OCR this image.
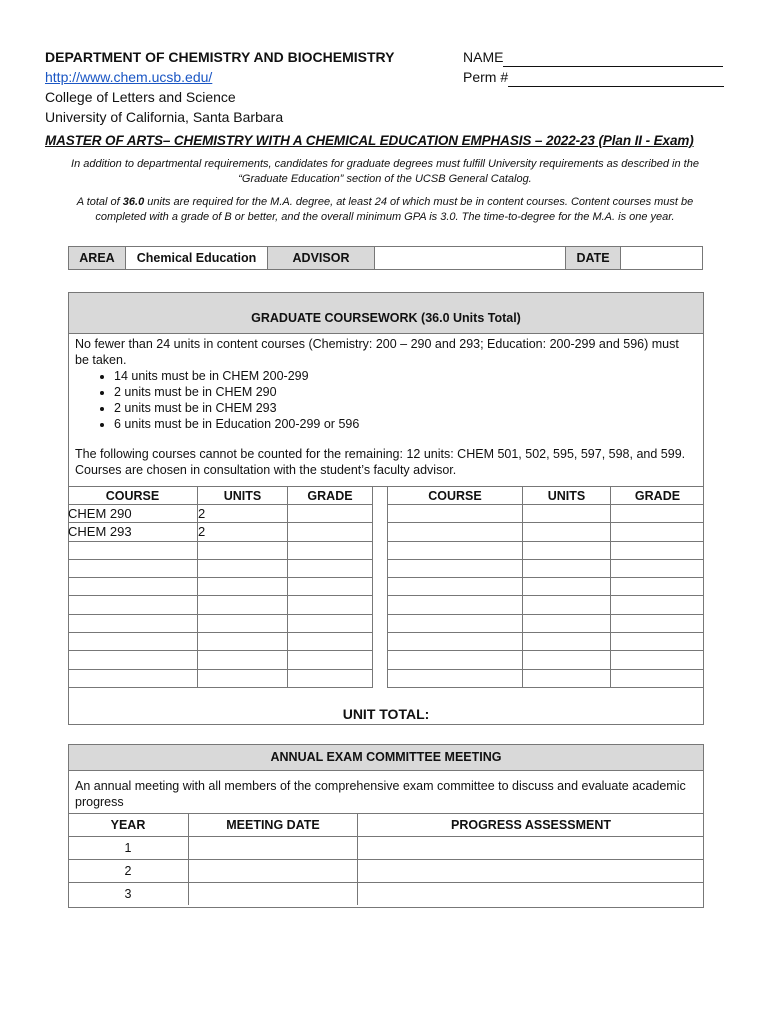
DEPARTMENT OF CHEMISTRY AND BIOCHEMISTRY
http://www.chem.ucsb.edu/
College of Letters and Science
University of California, Santa Barbara
NAME
Perm #
MASTER OF ARTS– CHEMISTRY WITH A CHEMICAL EDUCATION EMPHASIS – 2022-23 (Plan II - Exam)
In addition to departmental requirements, candidates for graduate degrees must fulfill University requirements as described in the
“Graduate Education” section of the UCSB General Catalog.
A total of 36.0 units are required for the M.A. degree, at least 24 of which must be in content courses. Content courses must be
completed with a grade of B or better, and the overall minimum GPA is 3.0. The time-to-degree for the M.A. is one year.
AREA	Chemical Education	ADVISOR		DATE	
GRADUATE COURSEWORK (36.0 Units Total)
No fewer than 24 units in content courses (Chemistry: 200 – 290 and 293; Education: 200-299 and 596) must
be taken.
• 14 units must be in CHEM 200-299
• 2 units must be in CHEM 290
• 2 units must be in CHEM 293
• 6 units must be in Education 200-299 or 596
The following courses cannot be counted for the remaining: 12 units: CHEM 501, 502, 595, 597, 598, and 599.
Courses are chosen in consultation with the student’s faculty advisor.
COURSE	UNITS	GRADE		COURSE	UNITS	GRADE
CHEM 290	2					
CHEM 293	2					

UNIT TOTAL:
ANNUAL EXAM COMMITTEE MEETING
An annual meeting with all members of the comprehensive exam committee to discuss and evaluate academic
progress
YEAR	MEETING DATE	PROGRESS ASSESSMENT
1		
2		
3		
